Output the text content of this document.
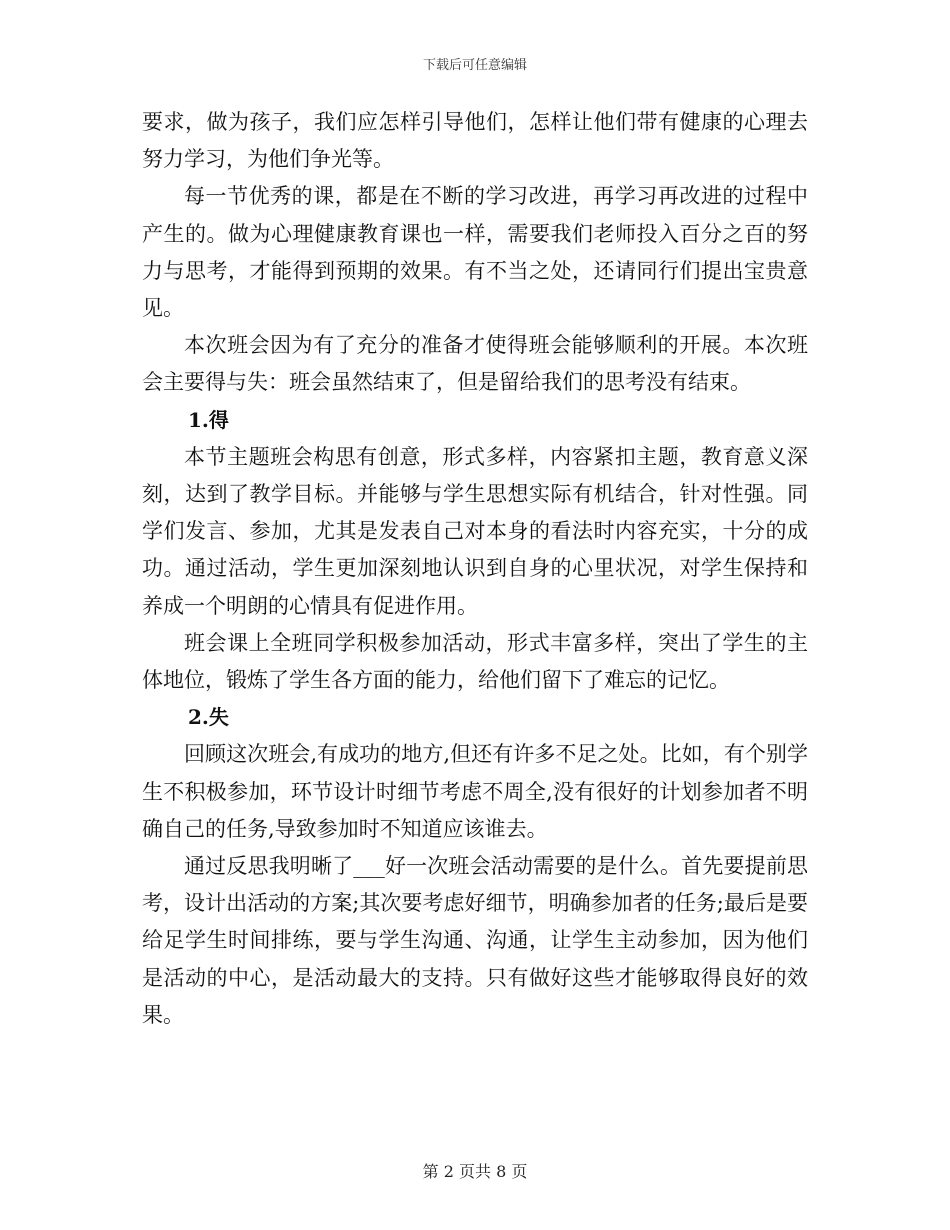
下载后可任意编辑

要求，做为孩子，我们应怎样引导他们，怎样让他们带有健康的心理去努力学习，为他们争光等。

每一节优秀的课，都是在不断的学习改进，再学习再改进的过程中产生的。做为心理健康教育课也一样，需要我们老师投入百分之百的努力与思考，才能得到预期的效果。有不当之处，还请同行们提出宝贵意见。

本次班会因为有了充分的准备才使得班会能够顺利的开展。本次班会主要得与失：班会虽然结束了，但是留给我们的思考没有结束。

1.得

本节主题班会构思有创意，形式多样，内容紧扣主题，教育意义深刻，达到了教学目标。并能够与学生思想实际有机结合，针对性强。同学们发言、参加，尤其是发表自己对本身的看法时内容充实，十分的成功。通过活动，学生更加深刻地认识到自身的心里状况，对学生保持和养成一个明朗的心情具有促进作用。

班会课上全班同学积极参加活动，形式丰富多样，突出了学生的主体地位，锻炼了学生各方面的能力，给他们留下了难忘的记忆。

2.失

回顾这次班会,有成功的地方,但还有许多不足之处。比如，有个别学生不积极参加，环节设计时细节考虑不周全,没有很好的计划参加者不明确自己的任务,导致参加时不知道应该谁去。

通过反思我明晰了___好一次班会活动需要的是什么。首先要提前思考，设计出活动的方案;其次要考虑好细节，明确参加者的任务;最后是要给足学生时间排练，要与学生沟通、沟通，让学生主动参加，因为他们是活动的中心，是活动最大的支持。只有做好这些才能够取得良好的效果。

第 2 页共 8 页
